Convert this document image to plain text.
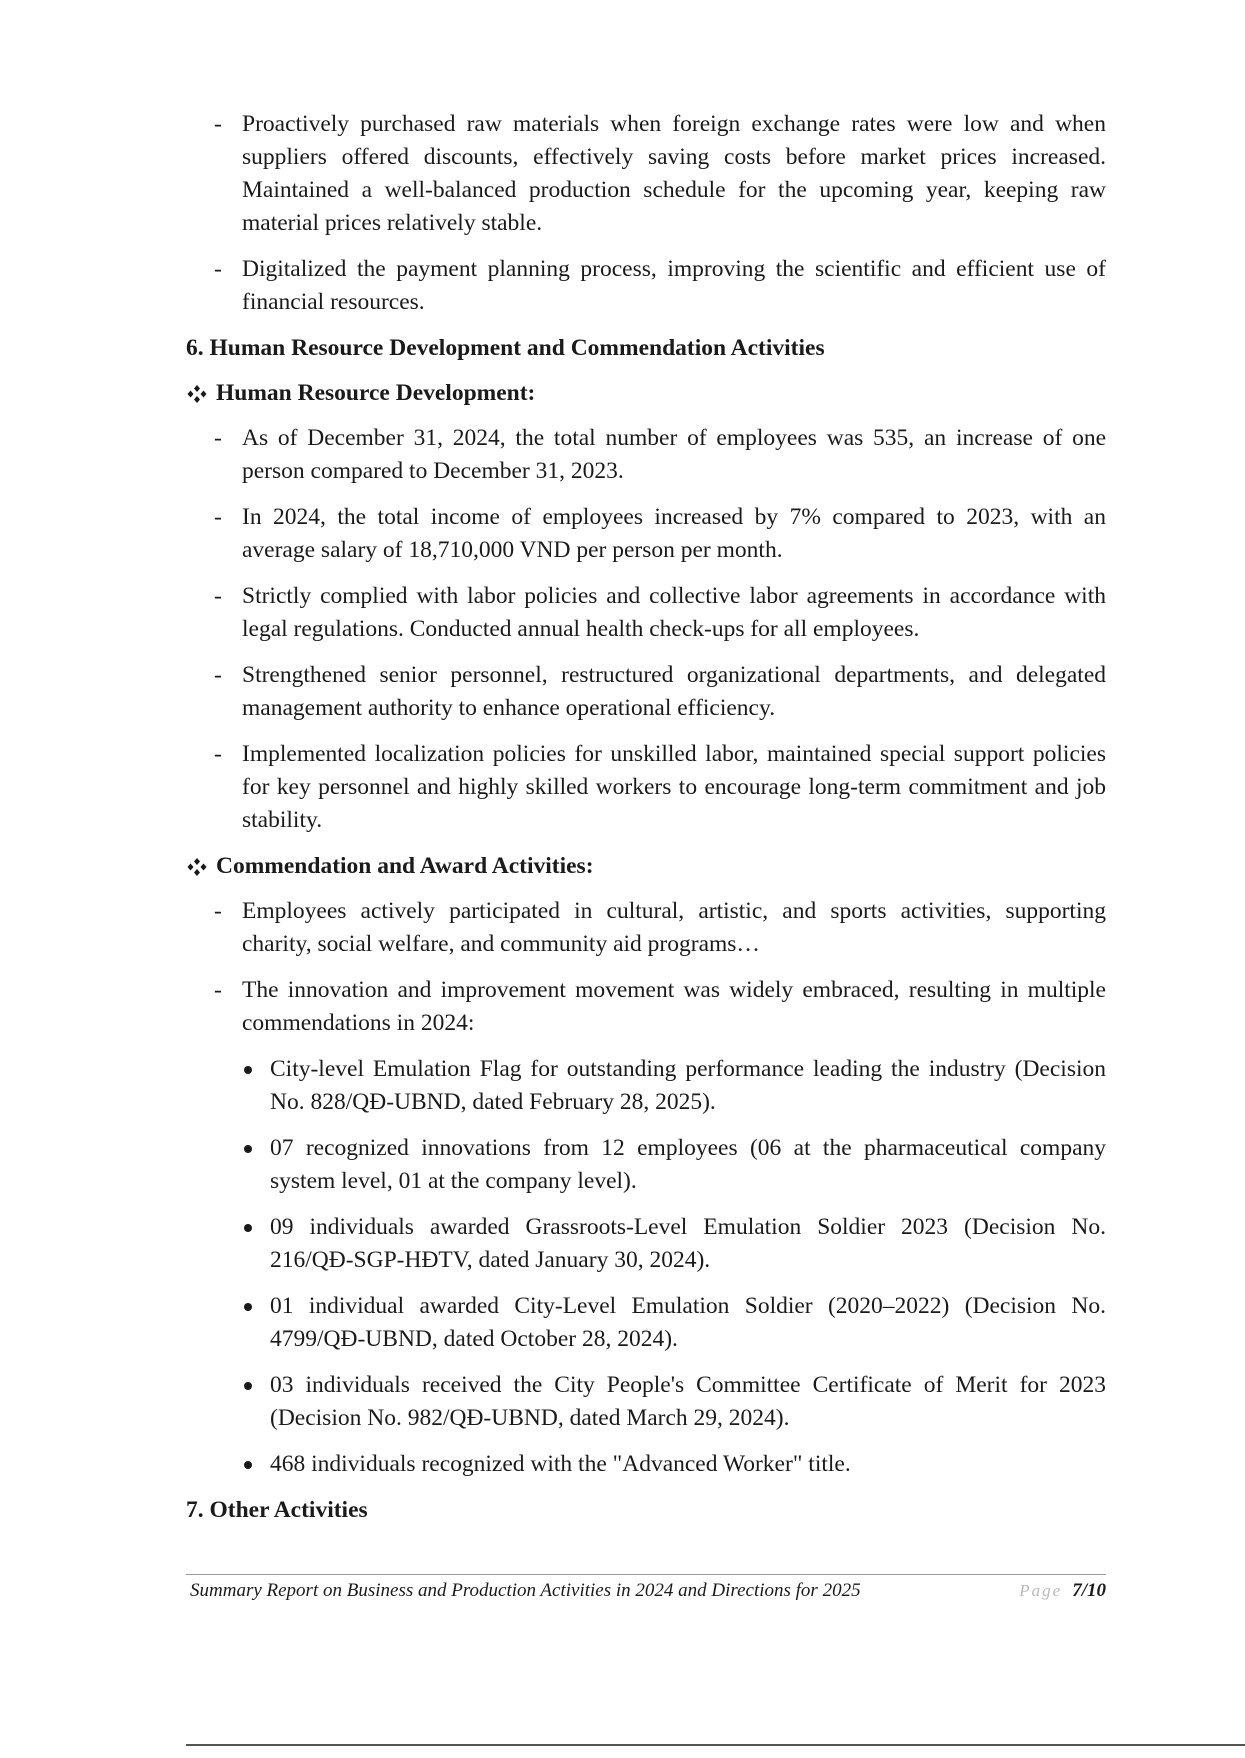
- Proactively purchased raw materials when foreign exchange rates were low and when suppliers offered discounts, effectively saving costs before market prices increased. Maintained a well-balanced production schedule for the upcoming year, keeping raw material prices relatively stable.
- Digitalized the payment planning process, improving the scientific and efficient use of financial resources.
6. Human Resource Development and Commendation Activities
Human Resource Development:
- As of December 31, 2024, the total number of employees was 535, an increase of one person compared to December 31, 2023.
- In 2024, the total income of employees increased by 7% compared to 2023, with an average salary of 18,710,000 VND per person per month.
- Strictly complied with labor policies and collective labor agreements in accordance with legal regulations. Conducted annual health check-ups for all employees.
- Strengthened senior personnel, restructured organizational departments, and delegated management authority to enhance operational efficiency.
- Implemented localization policies for unskilled labor, maintained special support policies for key personnel and highly skilled workers to encourage long-term commitment and job stability.
Commendation and Award Activities:
- Employees actively participated in cultural, artistic, and sports activities, supporting charity, social welfare, and community aid programs…
- The innovation and improvement movement was widely embraced, resulting in multiple commendations in 2024:
City-level Emulation Flag for outstanding performance leading the industry (Decision No. 828/QĐ-UBND, dated February 28, 2025).
07 recognized innovations from 12 employees (06 at the pharmaceutical company system level, 01 at the company level).
09 individuals awarded Grassroots-Level Emulation Soldier 2023 (Decision No. 216/QĐ-SGP-HĐTV, dated January 30, 2024).
01 individual awarded City-Level Emulation Soldier (2020–2022) (Decision No. 4799/QĐ-UBND, dated October 28, 2024).
03 individuals received the City People's Committee Certificate of Merit for 2023 (Decision No. 982/QĐ-UBND, dated March 29, 2024).
468 individuals recognized with the "Advanced Worker" title.
7. Other Activities
Summary Report on Business and Production Activities in 2024 and Directions for 2025	Page 7/10
